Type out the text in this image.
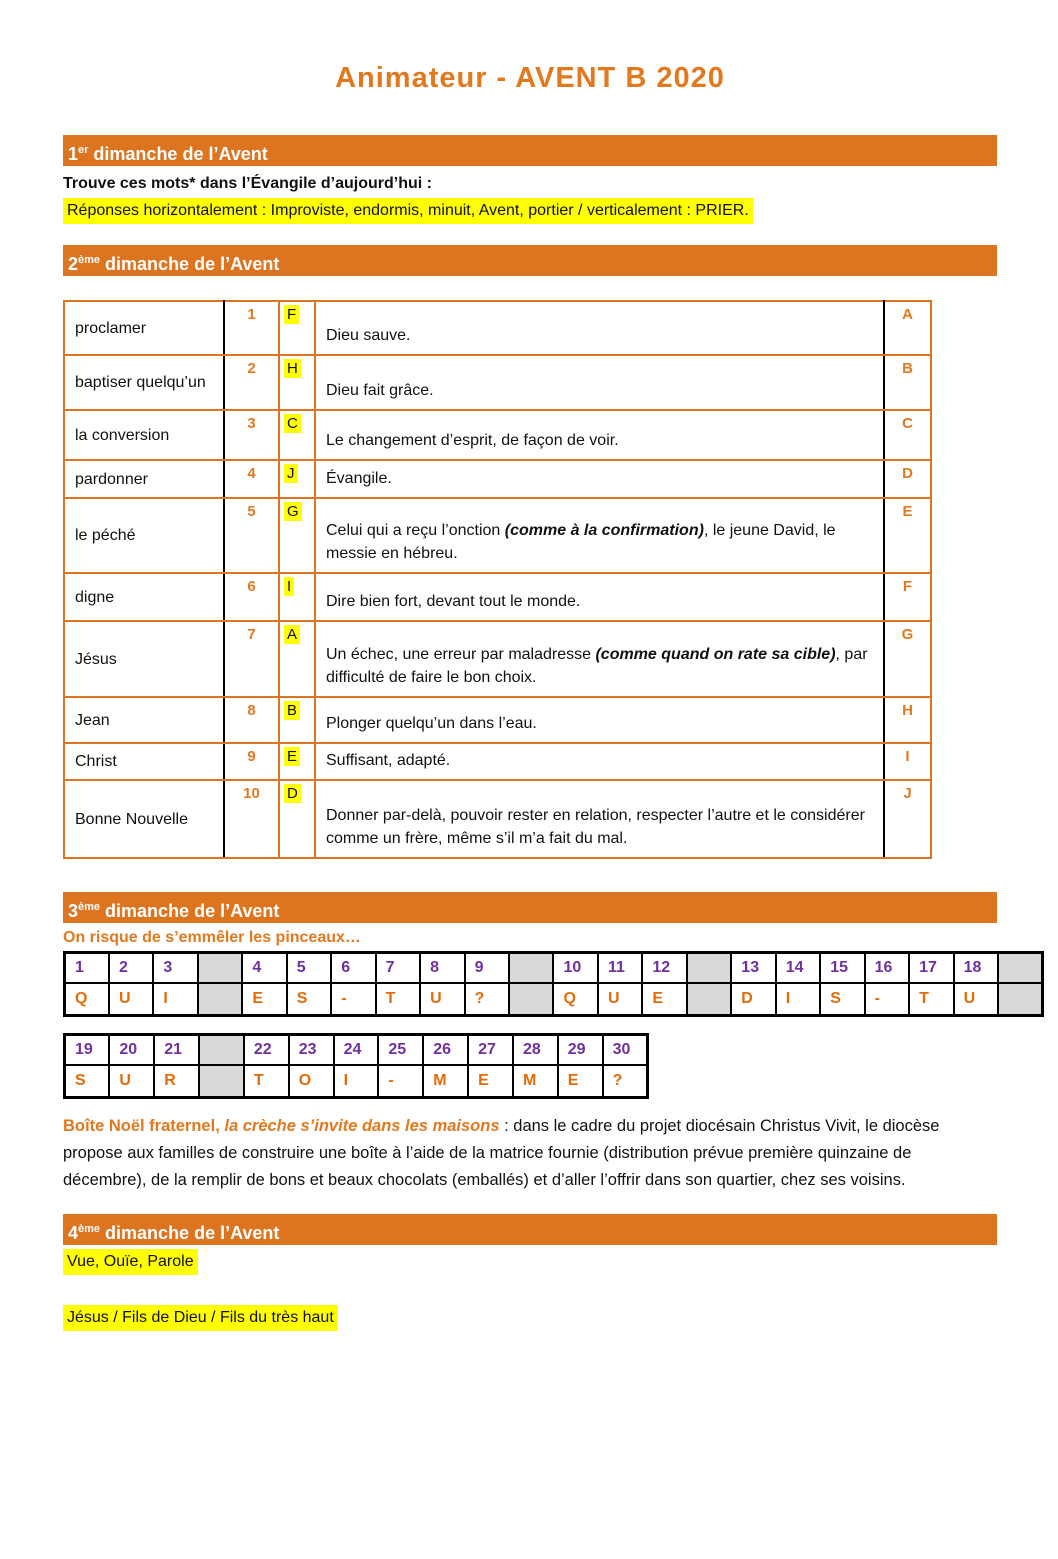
Animateur - AVENT B 2020
1er dimanche de l’Avent
Trouve ces mots* dans l’Évangile d’aujourd’hui :
Réponses horizontalement : Improviste, endormis, minuit, Avent, portier / verticalement : PRIER.
2ème dimanche de l’Avent
proclamer	1	F	Dieu sauve.	A
baptiser quelqu’un	2	H	Dieu fait grâce.	B
la conversion	3	C	Le changement d’esprit, de façon de voir.	C
pardonner	4	J	Évangile.	D
le péché	5	G	Celui qui a reçu l’onction (comme à la confirmation), le jeune David, le messie en hébreu.	E
digne	6	I	Dire bien fort, devant tout le monde.	F
Jésus	7	A	Un échec, une erreur par maladresse (comme quand on rate sa cible), par difficulté de faire le bon choix.	G
Jean	8	B	Plonger quelqu’un dans l’eau.	H
Christ	9	E	Suffisant, adapté.	I
Bonne Nouvelle	10	D	Donner par-delà, pouvoir rester en relation, respecter l’autre et le considérer comme un frère, même s’il m’a fait du mal.	J
3ème dimanche de l’Avent
On risque de s’emmêler les pinceaux…
1	2	3		4	5	6	7	8	9		10	11	12		13	14	15	16	17	18	
Q	U	I		E	S	-	T	U	?		Q	U	E		D	I	S	-	T	U	
19	20	21		22	23	24	25	26	27	28	29	30
S	U	R		T	O	I	-	M	E	M	E	?

Boîte Noël fraternel, la crèche s’invite dans les maisons : dans le cadre du projet diocésain Christus Vivit, le diocèse propose aux familles de construire une boîte à l’aide de la matrice fournie (distribution prévue première quinzaine de décembre), de la remplir de bons et beaux chocolats (emballés) et d’aller l’offrir dans son quartier, chez ses voisins.

4ème dimanche de l’Avent
Vue, Ouïe, Parole
Jésus / Fils de Dieu / Fils du très haut
